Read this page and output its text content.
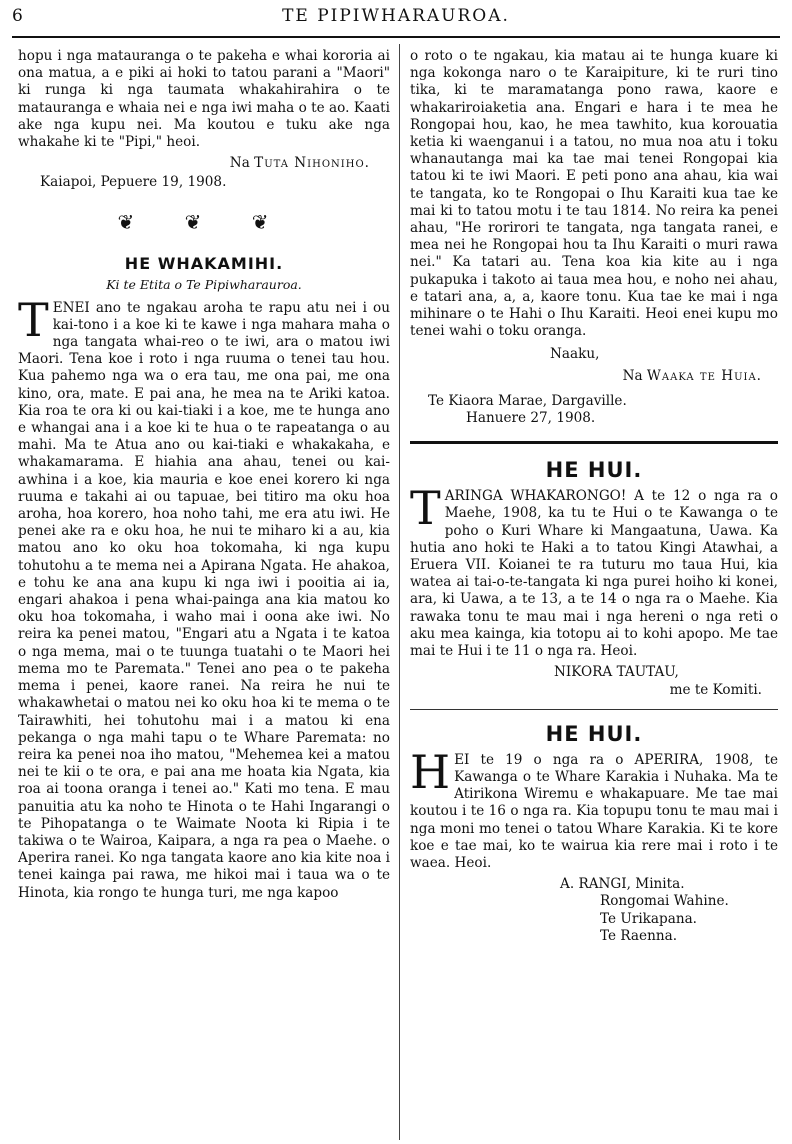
6	TE PIPIWHARAUROA.

hopu i nga matauranga o te pakeha e whai kororia ai ona matua, a e piki ai hoki to tatou parani a "Maori" ki runga ki nga taumata whakahirahira o te matauranga e whaia nei e nga iwi maha o te ao. Kaati ake nga kupu nei. Ma koutou e tuku ake nga whakahe ki te "Pipi," heoi.

Na Tuta Nihoniho.

Kaiapoi, Pepuere 19, 1908.

❦ ❦ ❦
HE WHAKAMIHI.
Ki te Etita o Te Pipiwharauroa.

TENEI ano te ngakau aroha te rapu atu nei i ou kai-tono i a koe ki te kawe i nga mahara maha o nga tangata whai-reo o te iwi, ara o matou iwi Maori. Tena koe i roto i nga ruuma o tenei tau hou. Kua pahemo nga wa o era tau, me ona pai, me ona kino, ora, mate. E pai ana, he mea na te Ariki katoa. Kia roa te ora ki ou kai-tiaki i a koe, me te hunga ano e whangai ana i a koe ki te hua o te rapeatanga o au mahi. Ma te Atua ano ou kai-tiaki e whakakaha, e whakamarama. E hiahia ana ahau, tenei ou kai-awhina i a koe, kia mauria e koe enei korero ki nga ruuma e takahi ai ou tapuae, bei titiro ma oku hoa aroha, hoa korero, hoa noho tahi, me era atu iwi. He penei ake ra e oku hoa, he nui te miharo ki a au, kia matou ano ko oku hoa tokomaha, ki nga kupu tohutohu a te mema nei a Apirana Ngata. He ahakoa, e tohu ke ana ana kupu ki nga iwi i pooitia ai ia, engari ahakoa i pena whai-painga ana kia matou ko oku hoa tokomaha, i waho mai i oona ake iwi. No reira ka penei matou, "Engari atu a Ngata i te katoa o nga mema, mai o te tuunga tuatahi o te Maori hei mema mo te Paremata." Tenei ano pea o te pakeha mema i penei, kaore ranei. Na reira he nui te whakawhetai o matou nei ko oku hoa ki te mema o te Tairawhiti, hei tohutohu mai i a matou ki ena pekanga o nga mahi tapu o te Whare Paremata: no reira ka penei noa iho matou, "Mehemea kei a matou nei te kii o te ora, e pai ana me hoata kia Ngata, kia roa ai toona oranga i tenei ao." Kati mo tena. E mau panuitia atu ka noho te Hinota o te Hahi Ingarangi o te Pihopatanga o te Waimate Noota ki Ripia i te takiwa o te Wairoa, Kaipara, a nga ra pea o Maehe. o Aperira ranei. Ko nga tangata kaore ano kia kite noa i tenei kainga pai rawa, me hikoi mai i taua wa o te Hinota, kia rongo te hunga turi, me nga kapoo

o roto o te ngakau, kia matau ai te hunga kuare ki nga kokonga naro o te Karaipiture, ki te ruri tino tika, ki te maramatanga pono rawa, kaore e whakariroiaketia ana. Engari e hara i te mea he Rongopai hou, kao, he mea tawhito, kua korouatia ketia ki waenganui i a tatou, no mua noa atu i toku whanautanga mai ka tae mai tenei Rongopai kia tatou ki te iwi Maori. E peti pono ana ahau, kia wai te tangata, ko te Rongopai o Ihu Karaiti kua tae ke mai ki to tatou motu i te tau 1814. No reira ka penei ahau, "He rorirori te tangata, nga tangata ranei, e mea nei he Rongopai hou ta Ihu Karaiti o muri rawa nei." Ka tatari au. Tena koa kia kite au i nga pukapuka i takoto ai taua mea hou, e noho nei ahau, e tatari ana, a, a, kaore tonu. Kua tae ke mai i nga mihinare o te Hahi o Ihu Karaiti. Heoi enei kupu mo tenei wahi o toku oranga.

Naaku,

Na Waaka te Huia.

Te Kiaora Marae, Dargaville.

Hanuere 27, 1908.

HE HUI.

TARINGA WHAKARONGO! A te 12 o nga ra o Maehe, 1908, ka tu te Hui o te Kawanga o te poho o Kuri Whare ki Mangaatuna, Uawa. Ka hutia ano hoki te Haki a to tatou Kingi Atawhai, a Eruera VII. Koianei te ra tuturu mo taua Hui, kia watea ai tai-o-te-tangata ki nga purei hoiho ki konei, ara, ki Uawa, a te 13, a te 14 o nga ra o Maehe. Kia rawaka tonu te mau mai i nga hereni o nga reti o aku mea kainga, kia totopu ai to kohi apopo. Me tae mai te Hui i te 11 o nga ra. Heoi.

NIKORA TAUTAU,

me te Komiti.

HE HUI.

HEI te 19 o nga ra o APERIRA, 1908, te Kawanga o te Whare Karakia i Nuhaka. Ma te Atirikona Wiremu e whakapuare. Me tae mai koutou i te 16 o nga ra. Kia topupu tonu te mau mai i nga moni mo tenei o tatou Whare Karakia. Ki te kore koe e tae mai, ko te wairua kia rere mai i roto i te waea. Heoi.

A. RANGI, Minita.

Rongomai Wahine.

Te Urikapana.

Te Raenna.
